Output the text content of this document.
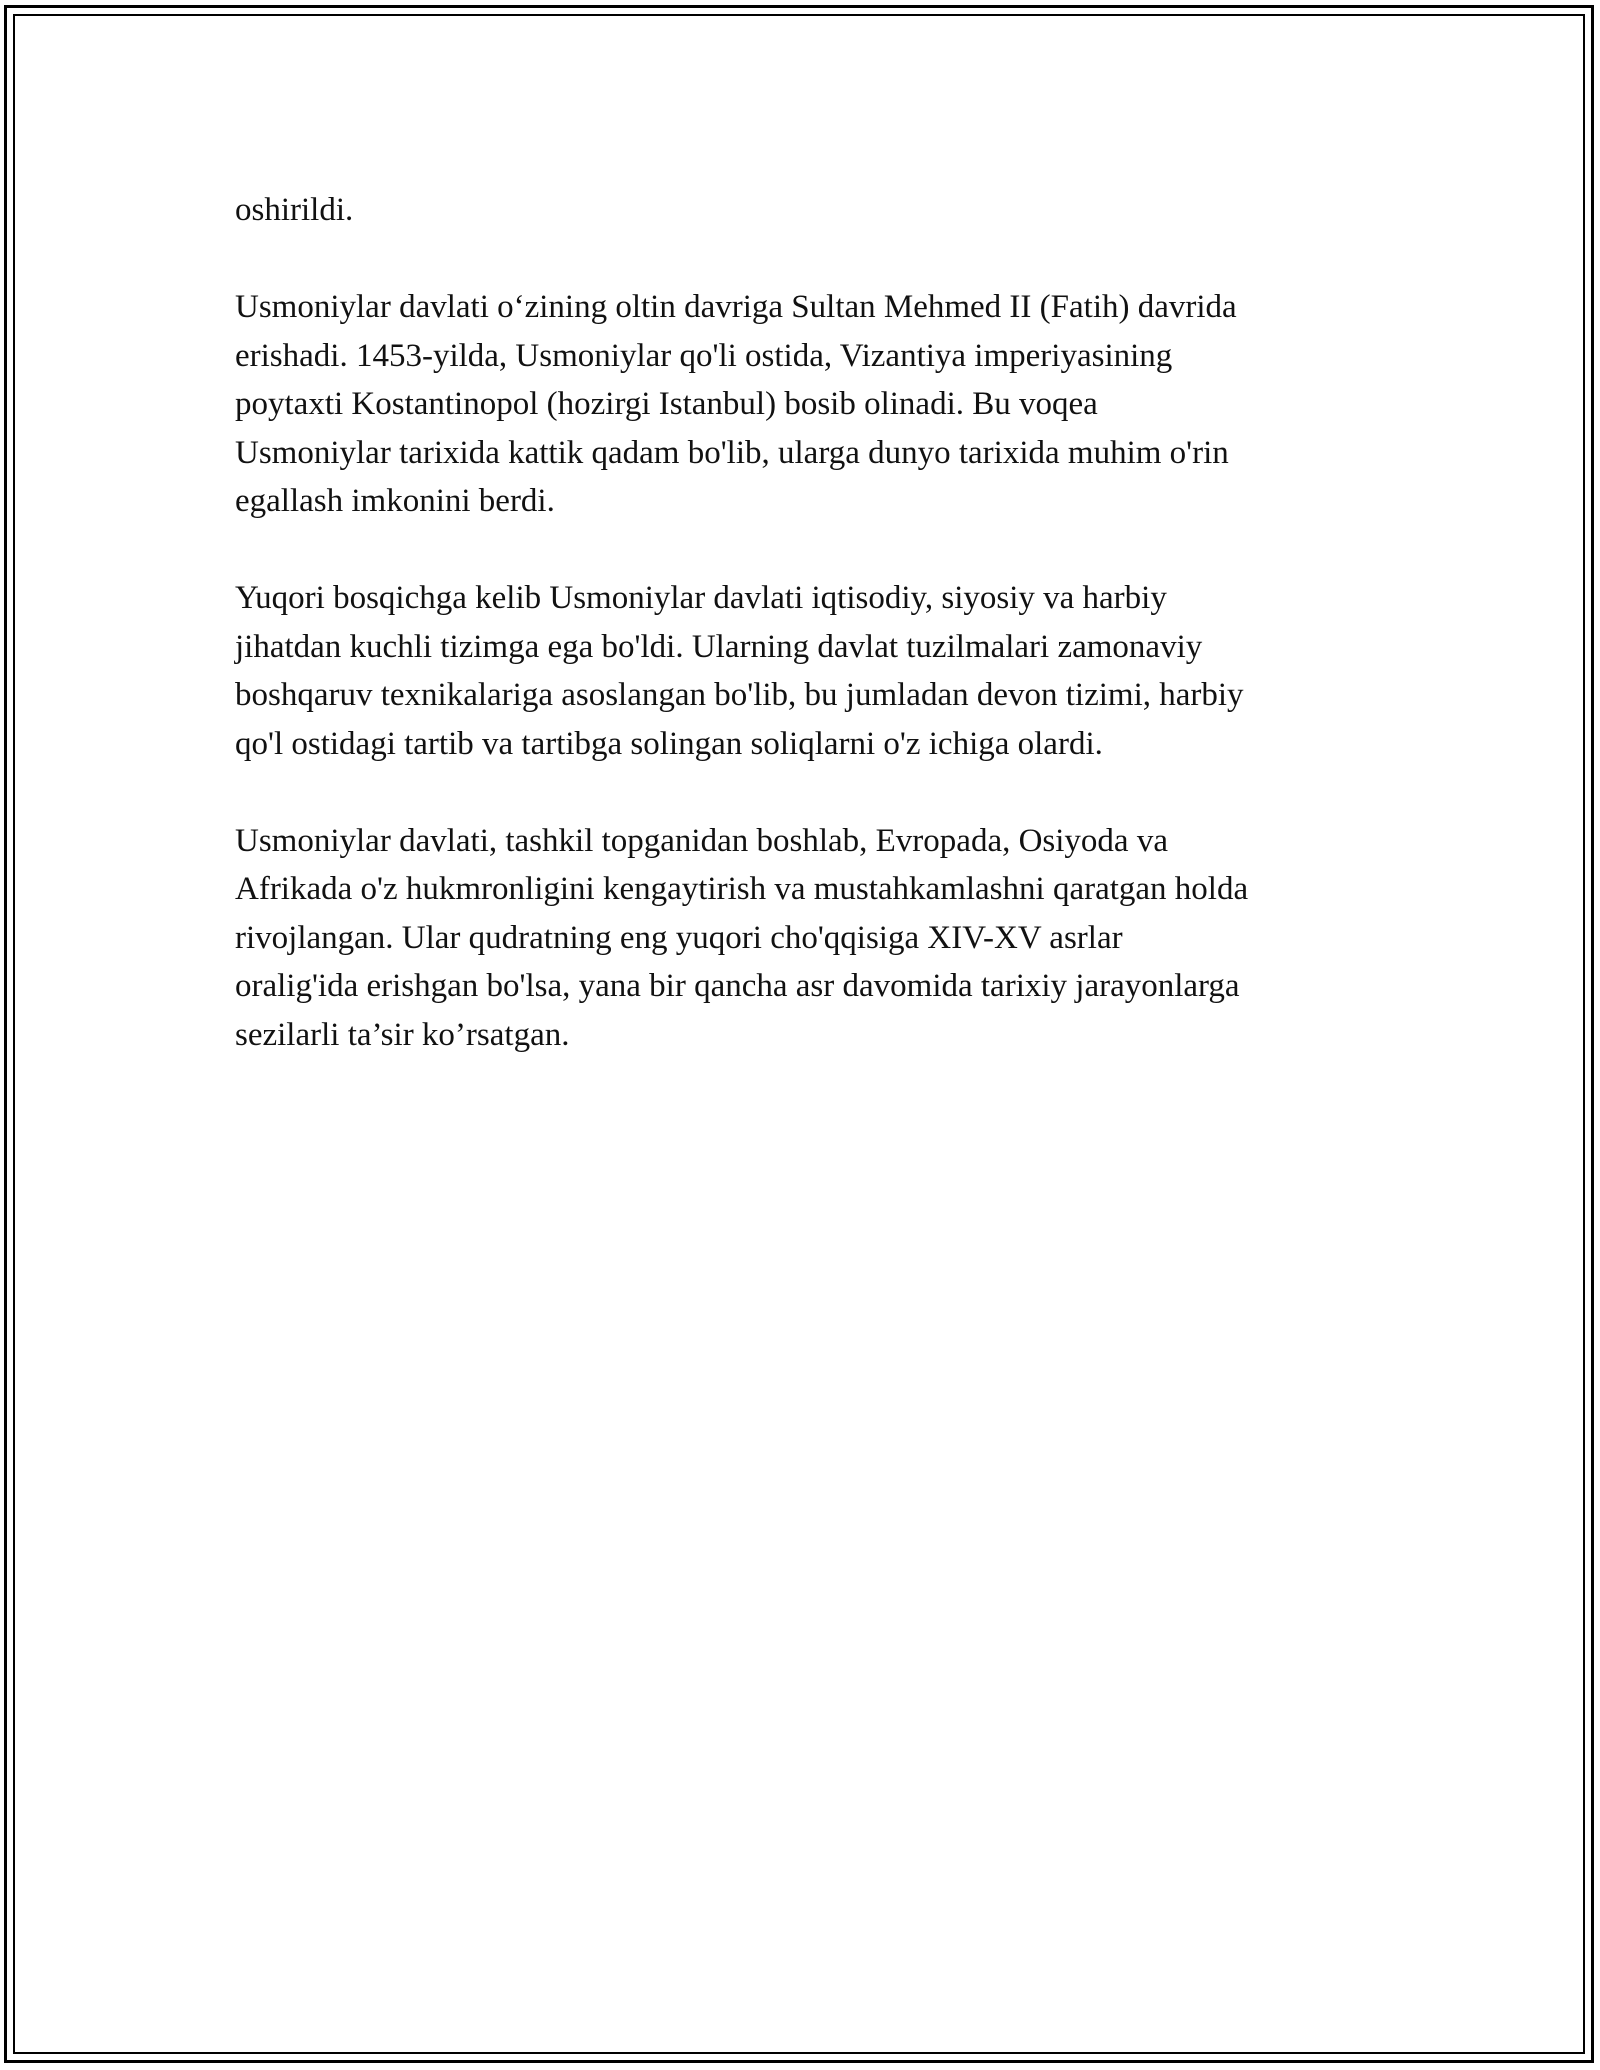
oshirildi.

Usmoniylar davlati o‘zining oltin davriga Sultan Mehmed II (Fatih) davrida
erishadi. 1453-yilda, Usmoniylar qo'li ostida, Vizantiya imperiyasining
poytaxti Kostantinopol (hozirgi Istanbul) bosib olinadi. Bu voqea
Usmoniylar tarixida kattik qadam bo'lib, ularga dunyo tarixida muhim o'rin
egallash imkonini berdi.

Yuqori bosqichga kelib Usmoniylar davlati iqtisodiy, siyosiy va harbiy
jihatdan kuchli tizimga ega bo'ldi. Ularning davlat tuzilmalari zamonaviy
boshqaruv texnikalariga asoslangan bo'lib, bu jumladan devon tizimi, harbiy
qo'l ostidagi tartib va tartibga solingan soliqlarni o'z ichiga olardi.

Usmoniylar davlati, tashkil topganidan boshlab, Evropada, Osiyoda va
Afrikada o'z hukmronligini kengaytirish va mustahkamlashni qaratgan holda
rivojlangan. Ular qudratning eng yuqori cho'qqisiga XIV-XV asrlar
oralig'ida erishgan bo'lsa, yana bir qancha asr davomida tarixiy jarayonlarga
sezilarli ta’sir ko’rsatgan.
